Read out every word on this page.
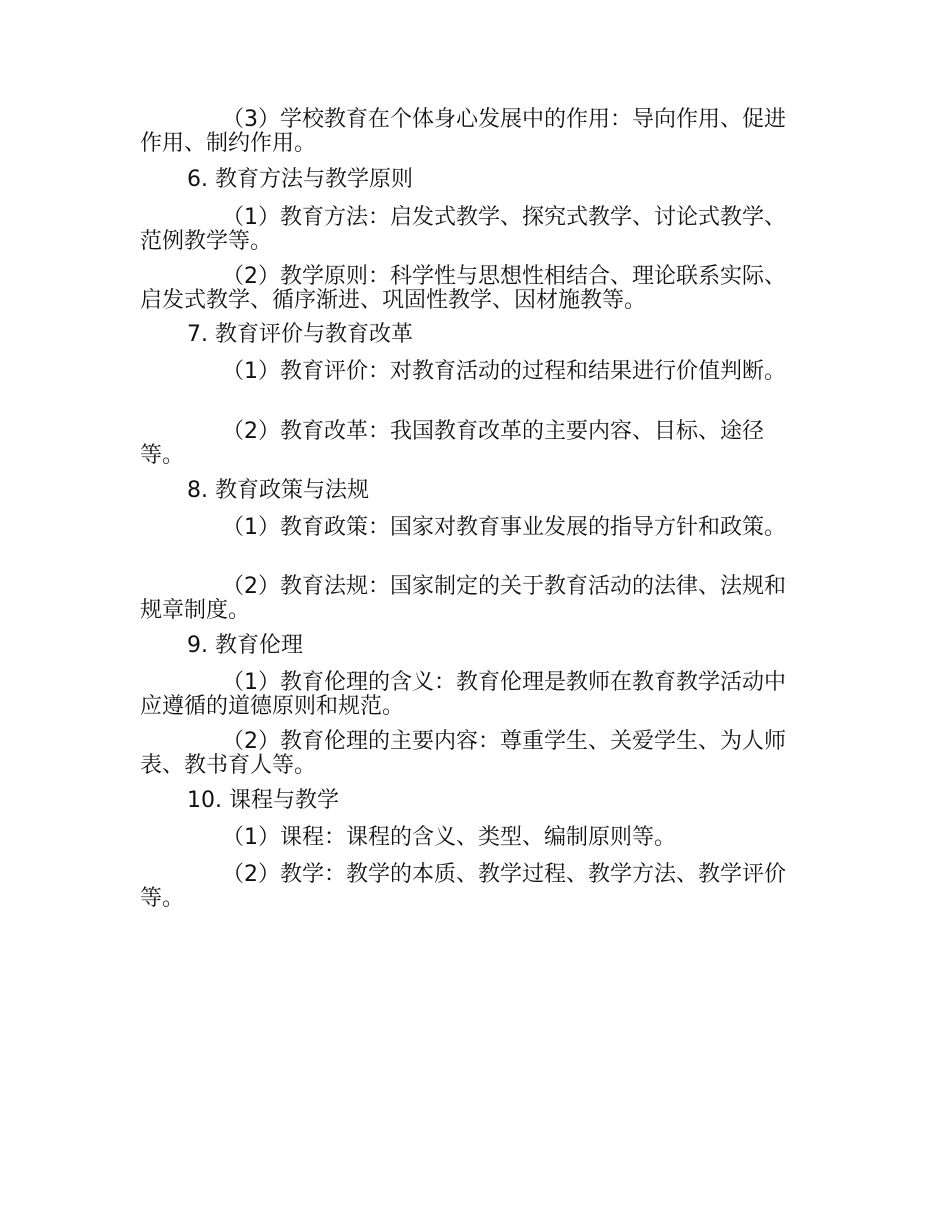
（3）学校教育在个体身心发展中的作用：导向作用、促进作用、制约作用。

6. 教育方法与教学原则

（1）教育方法：启发式教学、探究式教学、讨论式教学、范例教学等。

（2）教学原则：科学性与思想性相结合、理论联系实际、启发式教学、循序渐进、巩固性教学、因材施教等。

7. 教育评价与教育改革

（1）教育评价：对教育活动的过程和结果进行价值判断。

（2）教育改革：我国教育改革的主要内容、目标、途径等。

8. 教育政策与法规

（1）教育政策：国家对教育事业发展的指导方针和政策。

（2）教育法规：国家制定的关于教育活动的法律、法规和规章制度。

9. 教育伦理

（1）教育伦理的含义：教育伦理是教师在教育教学活动中应遵循的道德原则和规范。

（2）教育伦理的主要内容：尊重学生、关爱学生、为人师表、教书育人等。

10. 课程与教学

（1）课程：课程的含义、类型、编制原则等。

（2）教学：教学的本质、教学过程、教学方法、教学评价等。
